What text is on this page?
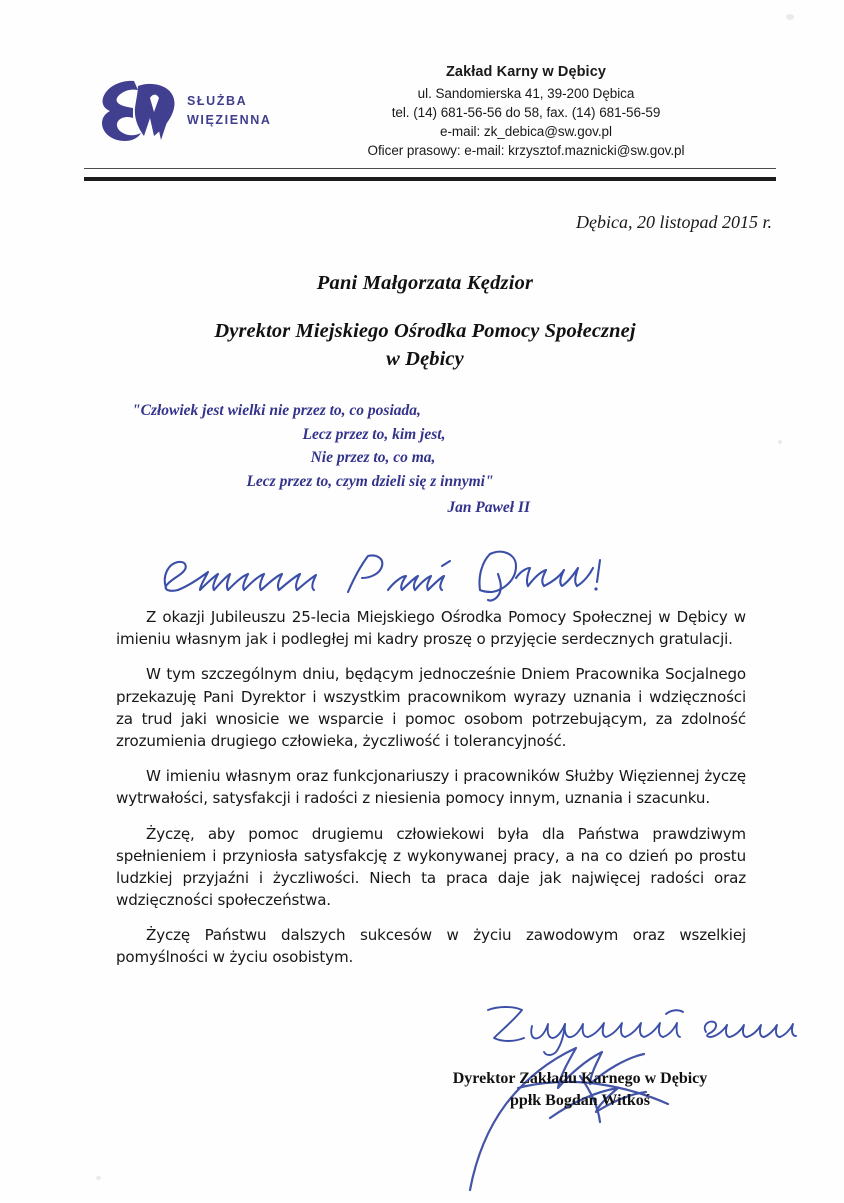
SŁUŻBA
WIĘZIENNA
Zakład Karny w Dębicy
ul. Sandomierska 41, 39-200 Dębica
tel. (14) 681-56-56 do 58, fax. (14) 681-56-59
e-mail: zk_debica@sw.gov.pl
Oficer prasowy: e-mail: krzysztof.maznicki@sw.gov.pl
Dębica, 20 listopad 2015 r.
Pani Małgorzata Kędzior
Dyrektor Miejskiego Ośrodka Pomocy Społecznej
w Dębicy
"Człowiek jest wielki nie przez to, co posiada,
Lecz przez to, kim jest,
Nie przez to, co ma,
Lecz przez to, czym dzieli się z innymi"
Jan Paweł II

Z okazji Jubileuszu 25-lecia Miejskiego Ośrodka Pomocy Społecznej w Dębicy w imieniu własnym jak i podległej mi kadry proszę o przyjęcie serdecznych gratulacji.

W tym szczególnym dniu, będącym jednocześnie Dniem Pracownika Socjalnego przekazuję Pani Dyrektor i wszystkim pracownikom wyrazy uznania i wdzięczności za trud jaki wnosicie we wsparcie i pomoc osobom potrzebującym, za zdolność zrozumienia drugiego człowieka, życzliwość i tolerancyjność.

W imieniu własnym oraz funkcjonariuszy i pracowników Służby Więziennej życzę wytrwałości, satysfakcji i radości z niesienia pomocy innym, uznania i szacunku.

Życzę, aby pomoc drugiemu człowiekowi była dla Państwa prawdziwym spełnieniem i przyniosła satysfakcję z wykonywanej pracy, a na co dzień po prostu ludzkiej przyjaźni i życzliwości. Niech ta praca daje jak najwięcej radości oraz wdzięczności społeczeństwa.

Życzę Państwu dalszych sukcesów w życiu zawodowym oraz wszelkiej pomyślności w życiu osobistym.

Dyrektor Zakładu Karnego w Dębicy
ppłk Bogdan Witkoś
